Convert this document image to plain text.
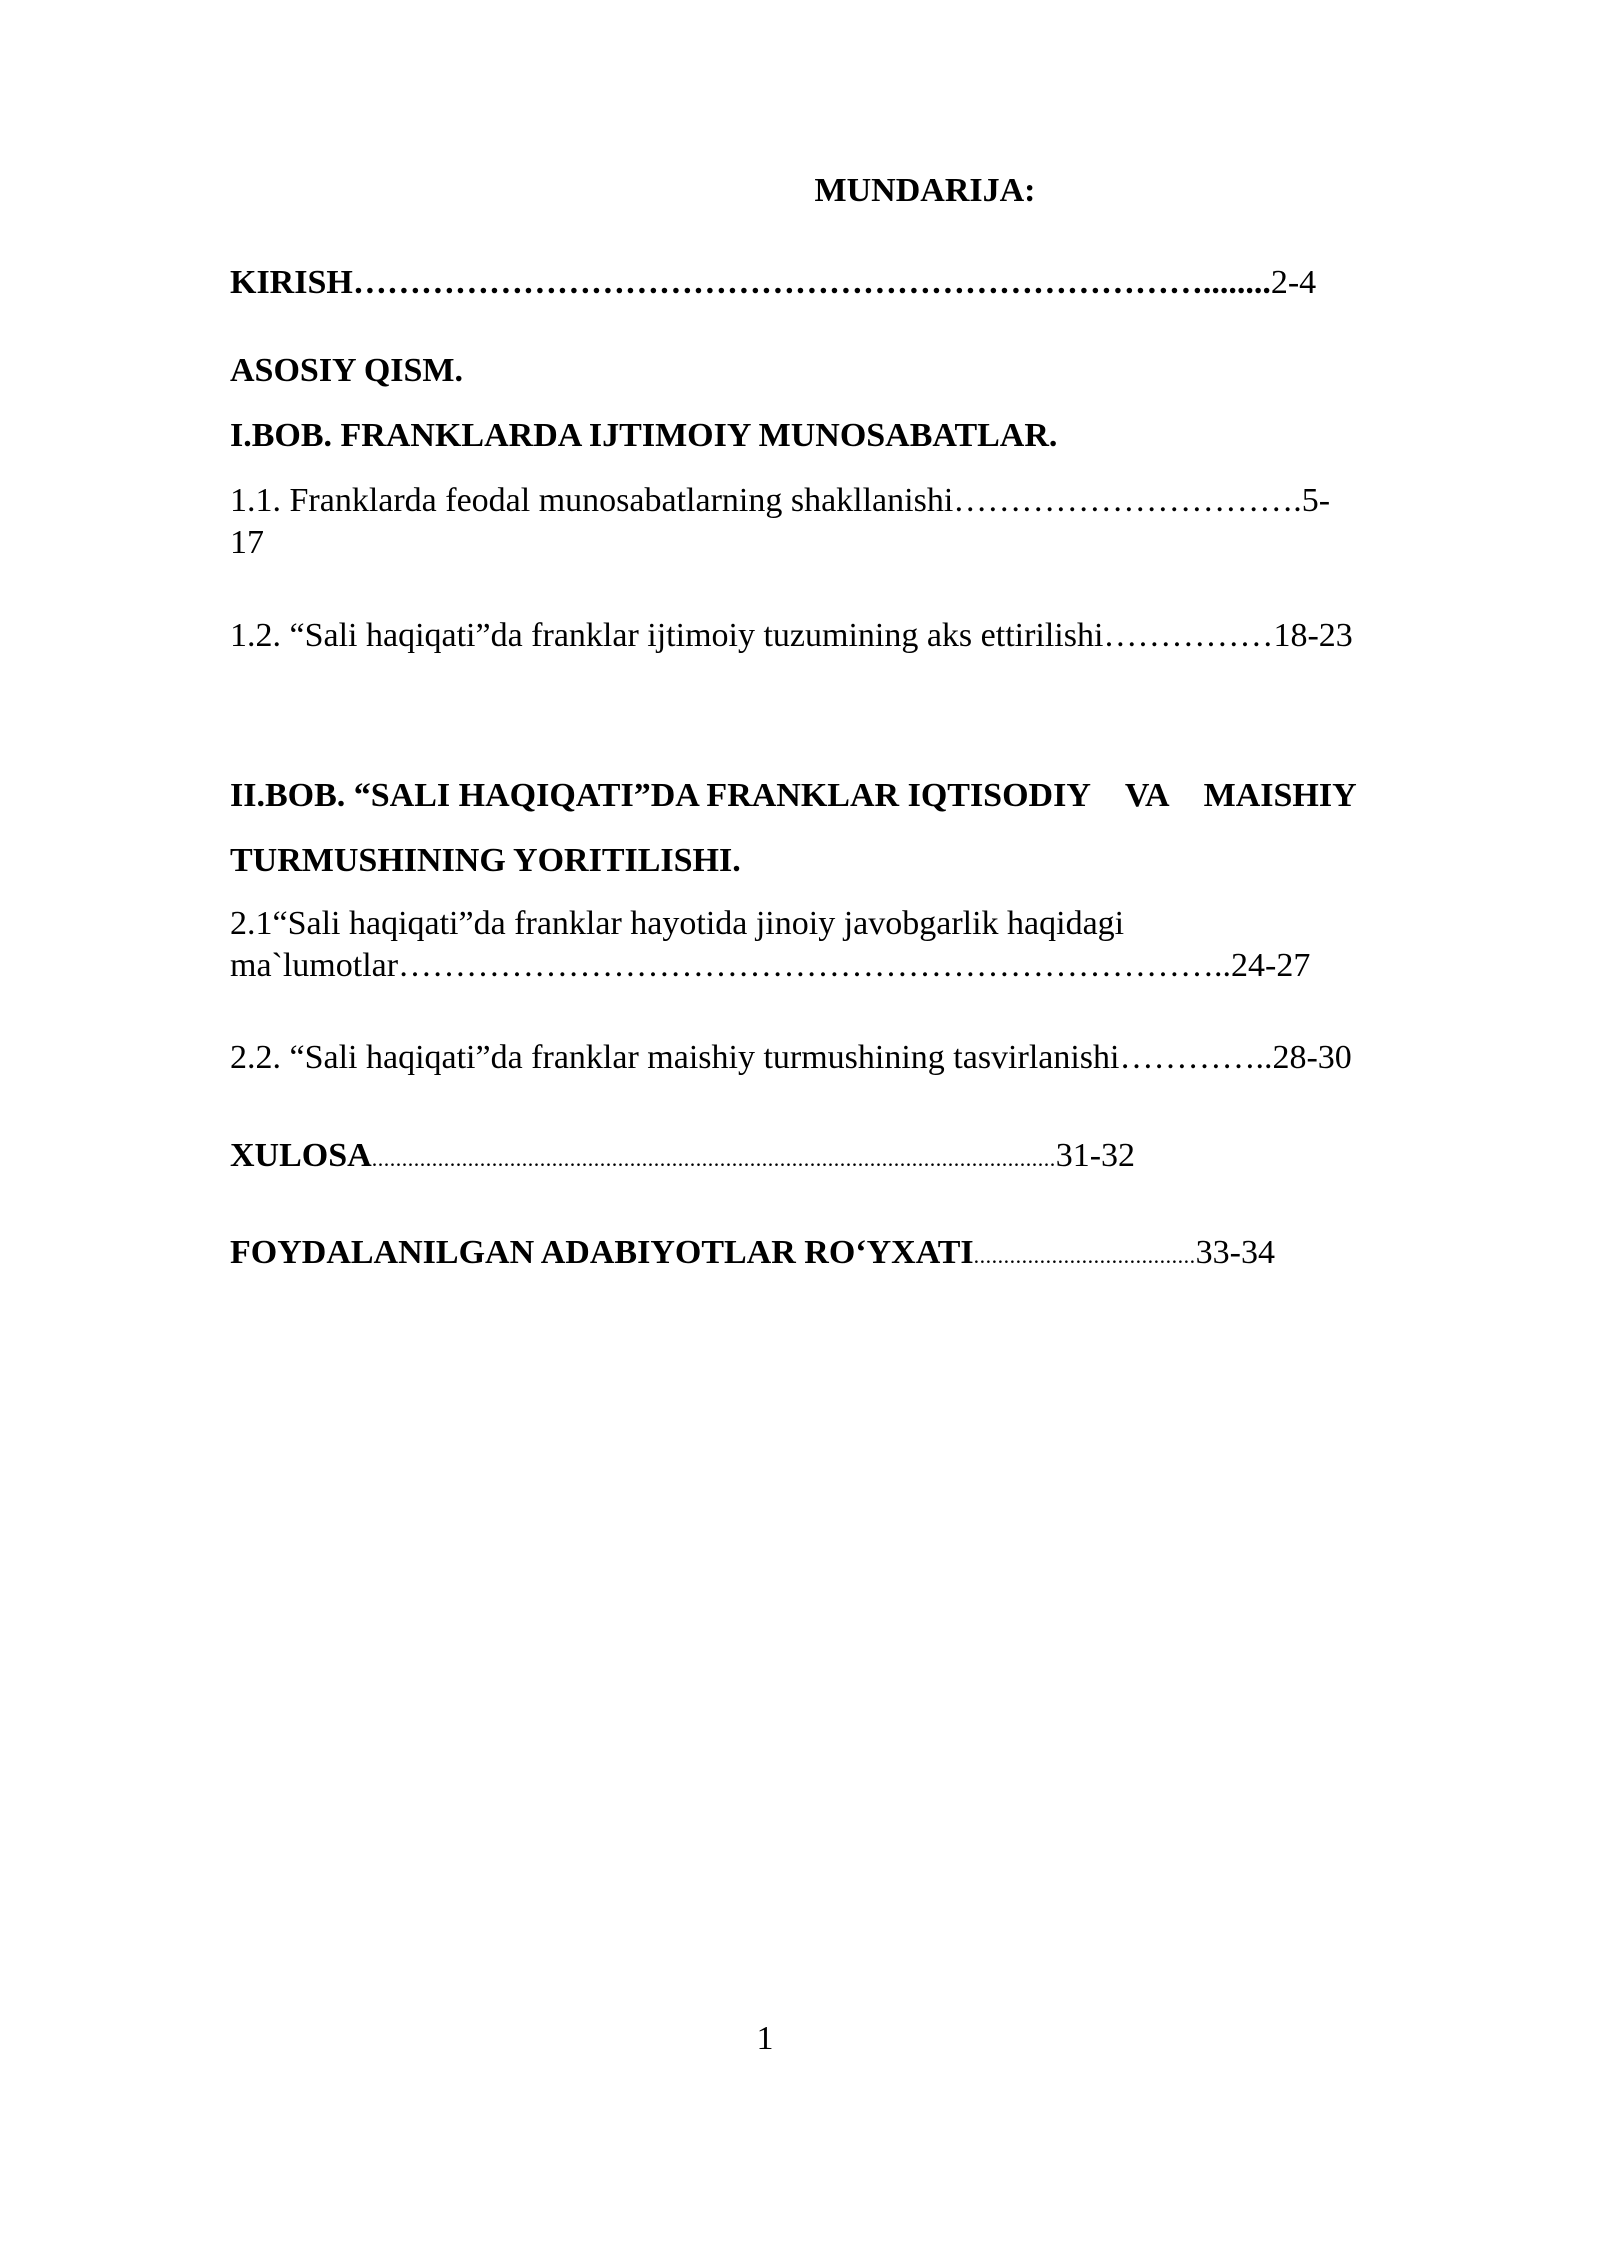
MUNDARIJA:
KIRISH…………………………………………………………………........2-4
ASOSIY QISM.
I.BOB. FRANKLARDA IJTIMOIY MUNOSABATLAR.
1.1. Franklarda feodal munosabatlarning shakllanishi………………………….5-
17
1.2. “Sali haqiqati”da franklar ijtimoiy tuzumining aks ettirilishi……………18-23
II.BOB. “SALI HAQIQATI”DA FRANKLAR IQTISODIY VA MAISHIY
TURMUSHINING YORITILISHI.
2.1“Sali haqiqati”da franklar hayotida jinoiy javobgarlik haqidagi
ma`lumotlar………………………………………………………………..24-27
2.2. “Sali haqiqati”da franklar maishiy turmushining tasvirlanishi…………..28-30
XULOSA..................................................................................................................31-32
FOYDALANILGAN ADABIYOTLAR RO‘YXATI.....................................33-34
1
